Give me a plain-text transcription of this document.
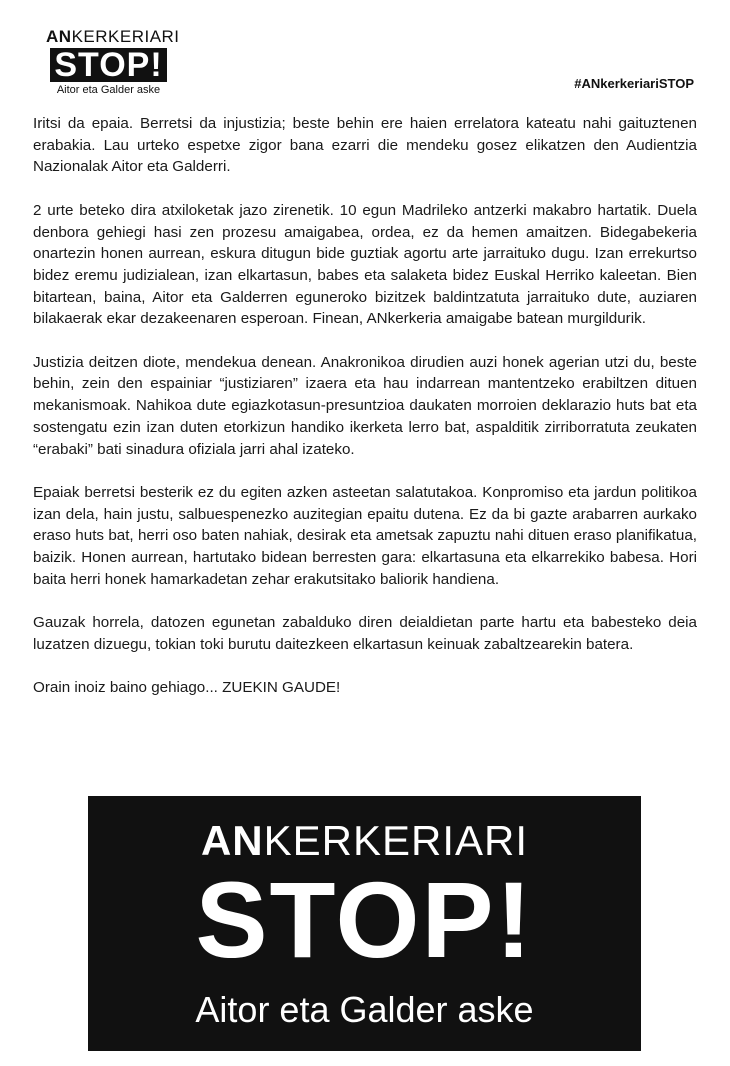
ANKERKERIARI
STOP!
Aitor eta Galder aske	#ANkerkeriariSTOP

Iritsi da epaia. Berretsi da injustizia; beste behin ere haien errelatora kateatu nahi gaituztenen erabakia. Lau urteko espetxe zigor bana ezarri die mendeku gosez elikatzen den Audientzia Nazionalak Aitor eta Galderri.

2 urte beteko dira atxiloketak jazo zirenetik. 10 egun Madrileko antzerki makabro hartatik. Duela denbora gehiegi hasi zen prozesu amaigabea, ordea, ez da hemen amaitzen. Bidegabekeria onartezin honen aurrean, eskura ditugun bide guztiak agortu arte jarraituko dugu. Izan errekurtso bidez eremu judizialean, izan elkartasun, babes eta salaketa bidez Euskal Herriko kaleetan. Bien bitartean, baina, Aitor eta Galderren eguneroko bizitzek baldintzatuta jarraituko dute, auziaren bilakaerak ekar dezakeenaren esperoan. Finean, ANkerkeria amaigabe batean murgildurik.

Justizia deitzen diote, mendekua denean. Anakronikoa dirudien auzi honek agerian utzi du, beste behin, zein den espainiar “justiziaren” izaera eta hau indarrean mantentzeko erabiltzen dituen mekanismoak. Nahikoa dute egiazkotasun-presuntzioa daukaten morroien deklarazio huts bat eta sostengatu ezin izan duten etorkizun handiko ikerketa lerro bat, aspalditik zirriborratuta zeukaten “erabaki” bati sinadura ofiziala jarri ahal izateko.

Epaiak berretsi besterik ez du egiten azken asteetan salatutakoa. Konpromiso eta jardun politikoa izan dela, hain justu, salbuespenezko auzitegian epaitu dutena. Ez da bi gazte arabarren aurkako eraso huts bat, herri oso baten nahiak, desirak eta ametsak zapuztu nahi dituen eraso planifikatua, baizik. Honen aurrean, hartutako bidean berresten gara: elkartasuna eta elkarrekiko babesa. Hori baita herri honek hamarkadetan zehar erakutsitako baliorik handiena.

Gauzak horrela, datozen egunetan zabalduko diren deialdietan parte hartu eta babesteko deia luzatzen dizuegu, tokian toki burutu daitezkeen elkartasun keinuak zabaltzearekin batera.

Orain inoiz baino gehiago... ZUEKIN GAUDE!

ANKERKERIARI
STOP!
Aitor eta Galder aske
